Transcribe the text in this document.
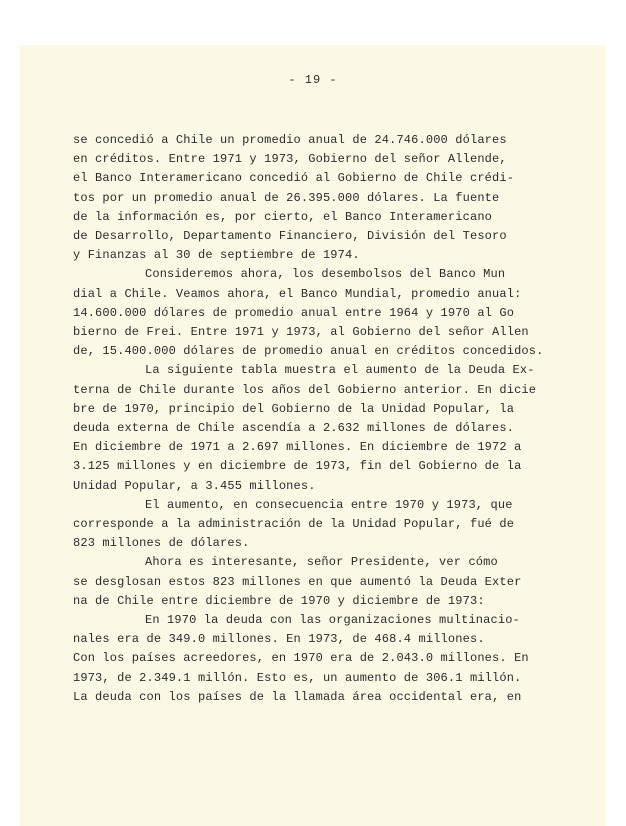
- 19 -
se concedió a Chile un promedio anual de 24.746.000 dólares
en créditos. Entre 1971 y 1973, Gobierno del señor Allende,
el Banco Interamericano concedió al Gobierno de Chile crédi-
tos por un promedio anual de 26.395.000 dólares. La fuente
de la información es, por cierto, el Banco Interamericano
de Desarrollo, Departamento Financiero, División del Tesoro
y Finanzas al 30 de septiembre de 1974.
Consideremos ahora, los desembolsos del Banco Mun
dial a Chile. Veamos ahora, el Banco Mundial, promedio anual:
14.600.000 dólares de promedio anual entre 1964 y 1970 al Go
bierno de Frei. Entre 1971 y 1973, al Gobierno del señor Allen
de, 15.400.000 dólares de promedio anual en créditos concedidos.
La siguiente tabla muestra el aumento de la Deuda Ex-
terna de Chile durante los años del Gobierno anterior. En dicie
bre de 1970, principio del Gobierno de la Unidad Popular, la
deuda externa de Chile ascendía a 2.632 millones de dólares.
En diciembre de 1971 a 2.697 millones. En diciembre de 1972 a
3.125 millones y en diciembre de 1973, fin del Gobierno de la
Unidad Popular, a 3.455 millones.
El aumento, en consecuencia entre 1970 y 1973, que
corresponde a la administración de la Unidad Popular, fué de
823 millones de dólares.
Ahora es interesante, señor Presidente, ver cómo
se desglosan estos 823 millones en que aumentó la Deuda Exter
na de Chile entre diciembre de 1970 y diciembre de 1973:
En 1970 la deuda con las organizaciones multinacio-
nales era de 349.0 millones. En 1973, de 468.4 millones.
Con los países acreedores, en 1970 era de 2.043.0 millones. En
1973, de 2.349.1 millón. Esto es, un aumento de 306.1 millón.
La deuda con los países de la llamada área occidental era, en
